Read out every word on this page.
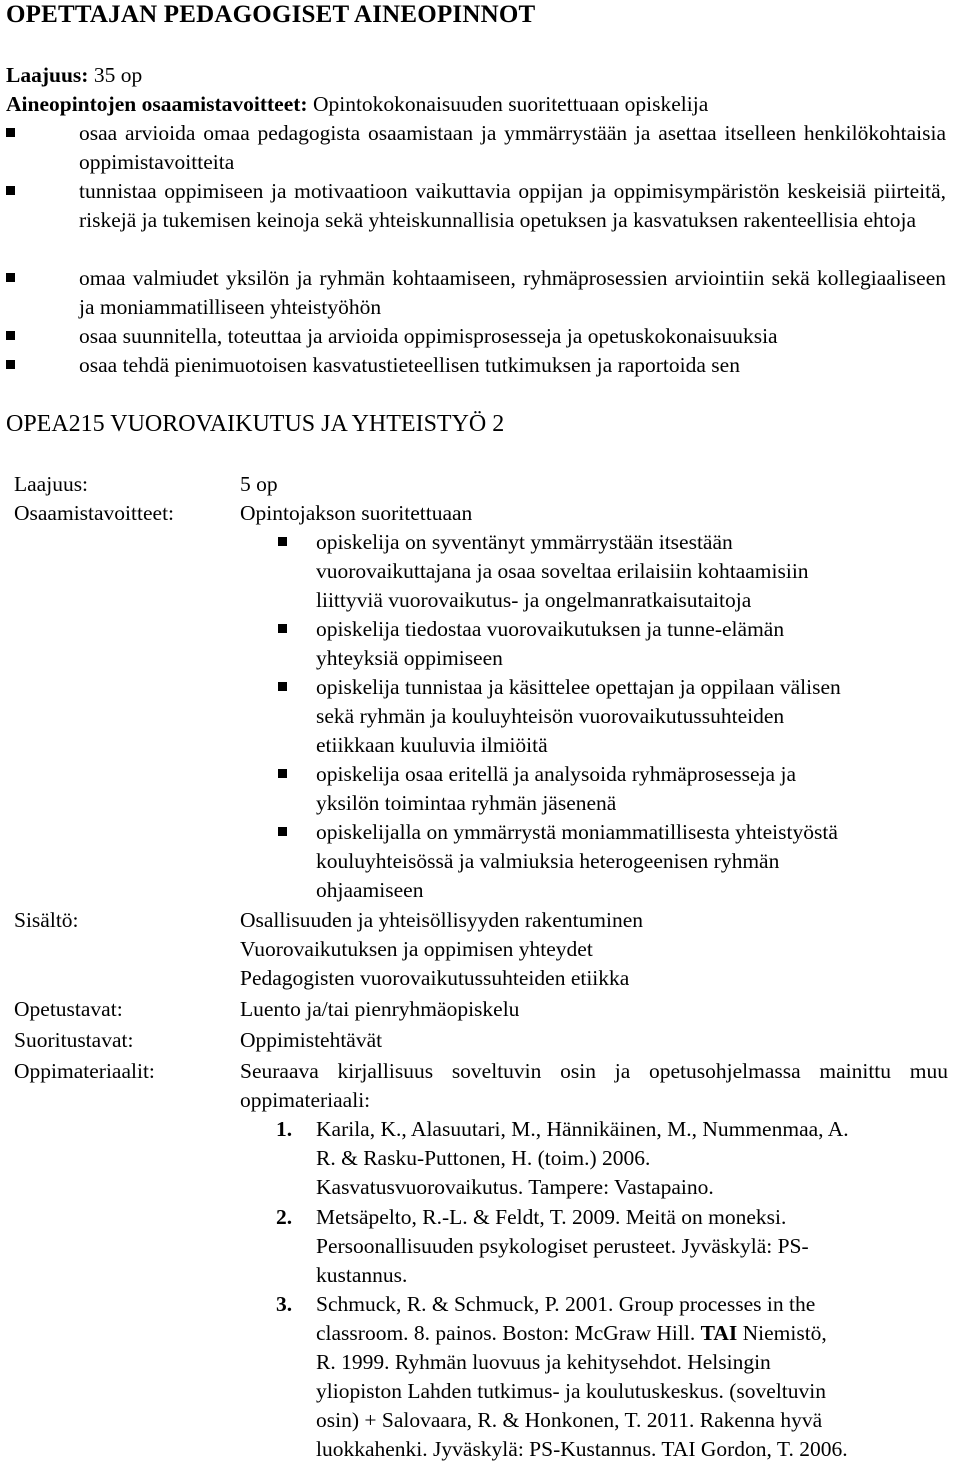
OPETTAJAN PEDAGOGISET AINEOPINNOT
Laajuus: 35 op
Aineopintojen osaamistavoitteet: Opintokokonaisuuden suoritettuaan opiskelija
osaa arvioida omaa pedagogista osaamistaan ja ymmärrystään ja asettaa itselleen henkilökohtaisia oppimistavoitteita
tunnistaa oppimiseen ja motivaatioon vaikuttavia oppijan ja oppimisympäristön keskeisiä piirteitä, riskejä ja tukemisen keinoja sekä yhteiskunnallisia opetuksen ja kasvatuksen rakenteellisia ehtoja
omaa valmiudet yksilön ja ryhmän kohtaamiseen, ryhmäprosessien arviointiin sekä kollegiaaliseen ja moniammatilliseen yhteistyöhön
osaa suunnitella, toteuttaa ja arvioida oppimisprosesseja ja opetuskokonaisuuksia
osaa tehdä pienimuotoisen kasvatustieteellisen tutkimuksen ja raportoida sen
OPEA215 VUOROVAIKUTUS JA YHTEISTYÖ 2
Laajuus:	5 op
Osaamistavoitteet:	Opintojakson suoritettuaan
opiskelija on syventänyt ymmärrystään itsestään
vuorovaikuttajana ja osaa soveltaa erilaisiin kohtaamisiin
liittyviä vuorovaikutus- ja ongelmanratkaisutaitoja
opiskelija tiedostaa vuorovaikutuksen ja tunne-elämän
yhteyksiä oppimiseen
opiskelija tunnistaa ja käsittelee opettajan ja oppilaan välisen
sekä ryhmän ja kouluyhteisön vuorovaikutussuhteiden
etiikkaan kuuluvia ilmiöitä
opiskelija osaa eritellä ja analysoida ryhmäprosesseja ja
yksilön toimintaa ryhmän jäsenenä
opiskelijalla on ymmärrystä moniammatillisesta yhteistyöstä
kouluyhteisössä ja valmiuksia heterogeenisen ryhmän
ohjaamiseen
Sisältö:	Osallisuuden ja yhteisöllisyyden rakentuminen
Vuorovaikutuksen ja oppimisen yhteydet
Pedagogisten vuorovaikutussuhteiden etiikka
Opetustavat:	Luento ja/tai pienryhmäopiskelu
Suoritustavat:	Oppimistehtävät
Oppimateriaalit:	Seuraava kirjallisuus soveltuvin osin ja opetusohjelmassa mainittu muu oppimateriaali:
1. Karila, K., Alasuutari, M., Hännikäinen, M., Nummenmaa, A.
R. & Rasku-Puttonen, H. (toim.) 2006.
Kasvatusvuorovaikutus. Tampere: Vastapaino.
2. Metsäpelto, R.-L. & Feldt, T. 2009. Meitä on moneksi.
Persoonallisuuden psykologiset perusteet. Jyväskylä: PS-
kustannus.
3. Schmuck, R. & Schmuck, P. 2001. Group processes in the
classroom. 8. painos. Boston: McGraw Hill. TAI Niemistö,
R. 1999. Ryhmän luovuus ja kehitysehdot. Helsingin
yliopiston Lahden tutkimus- ja koulutuskeskus. (soveltuvin
osin) + Salovaara, R. & Honkonen, T. 2011. Rakenna hyvä
luokkahenki. Jyväskylä: PS-Kustannus. TAI Gordon, T. 2006.
